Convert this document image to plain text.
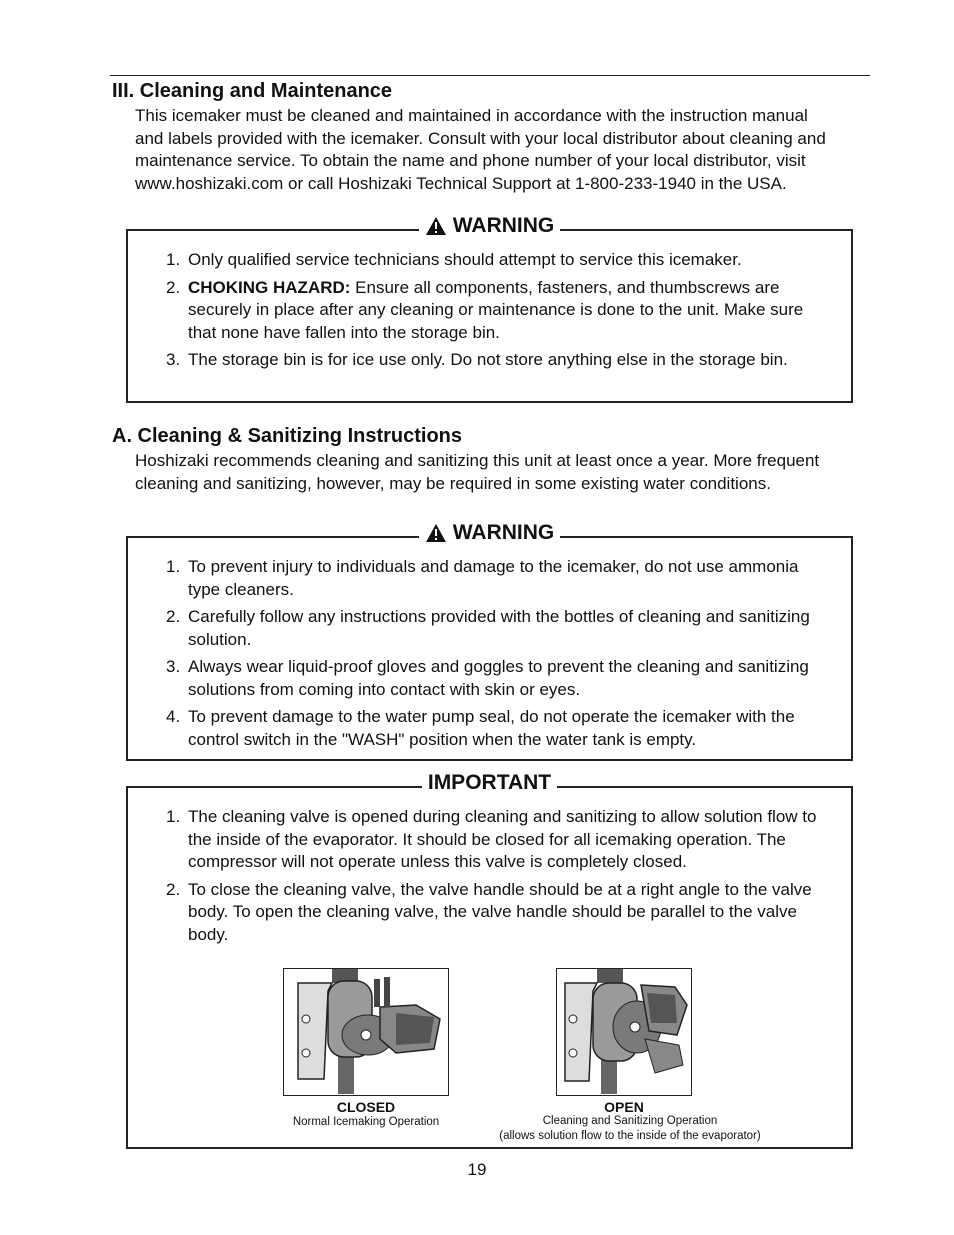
III. Cleaning and Maintenance
This icemaker must be cleaned and maintained in accordance with the instruction manual and labels provided with the icemaker. Consult with your local distributor about cleaning and maintenance service. To obtain the name and phone number of your local distributor, visit www.hoshizaki.com or call Hoshizaki Technical Support at 1-800-233-1940 in the USA.
WARNING
1. Only qualified service technicians should attempt to service this icemaker.
2. CHOKING HAZARD: Ensure all components, fasteners, and thumbscrews are securely in place after any cleaning or maintenance is done to the unit. Make sure that none have fallen into the storage bin.
3. The storage bin is for ice use only. Do not store anything else in the storage bin.
A. Cleaning & Sanitizing Instructions
Hoshizaki recommends cleaning and sanitizing this unit at least once a year. More frequent cleaning and sanitizing, however, may be required in some existing water conditions.
WARNING
1. To prevent injury to individuals and damage to the icemaker, do not use ammonia type cleaners.
2. Carefully follow any instructions provided with the bottles of cleaning and sanitizing solution.
3. Always wear liquid-proof gloves and goggles to prevent the cleaning and sanitizing solutions from coming into contact with skin or eyes.
4. To prevent damage to the water pump seal, do not operate the icemaker with the control switch in the "WASH" position when the water tank is empty.
IMPORTANT
1. The cleaning valve is opened during cleaning and sanitizing to allow solution flow to the inside of the evaporator. It should be closed for all icemaking operation. The compressor will not operate unless this valve is completely closed.
2. To close the cleaning valve, the valve handle should be at a right angle to the valve body. To open the cleaning valve, the valve handle should be parallel to the valve body.
CLOSED
Normal Icemaking Operation
OPEN
Cleaning and Sanitizing Operation
(allows solution flow to the inside of the evaporator)
19
